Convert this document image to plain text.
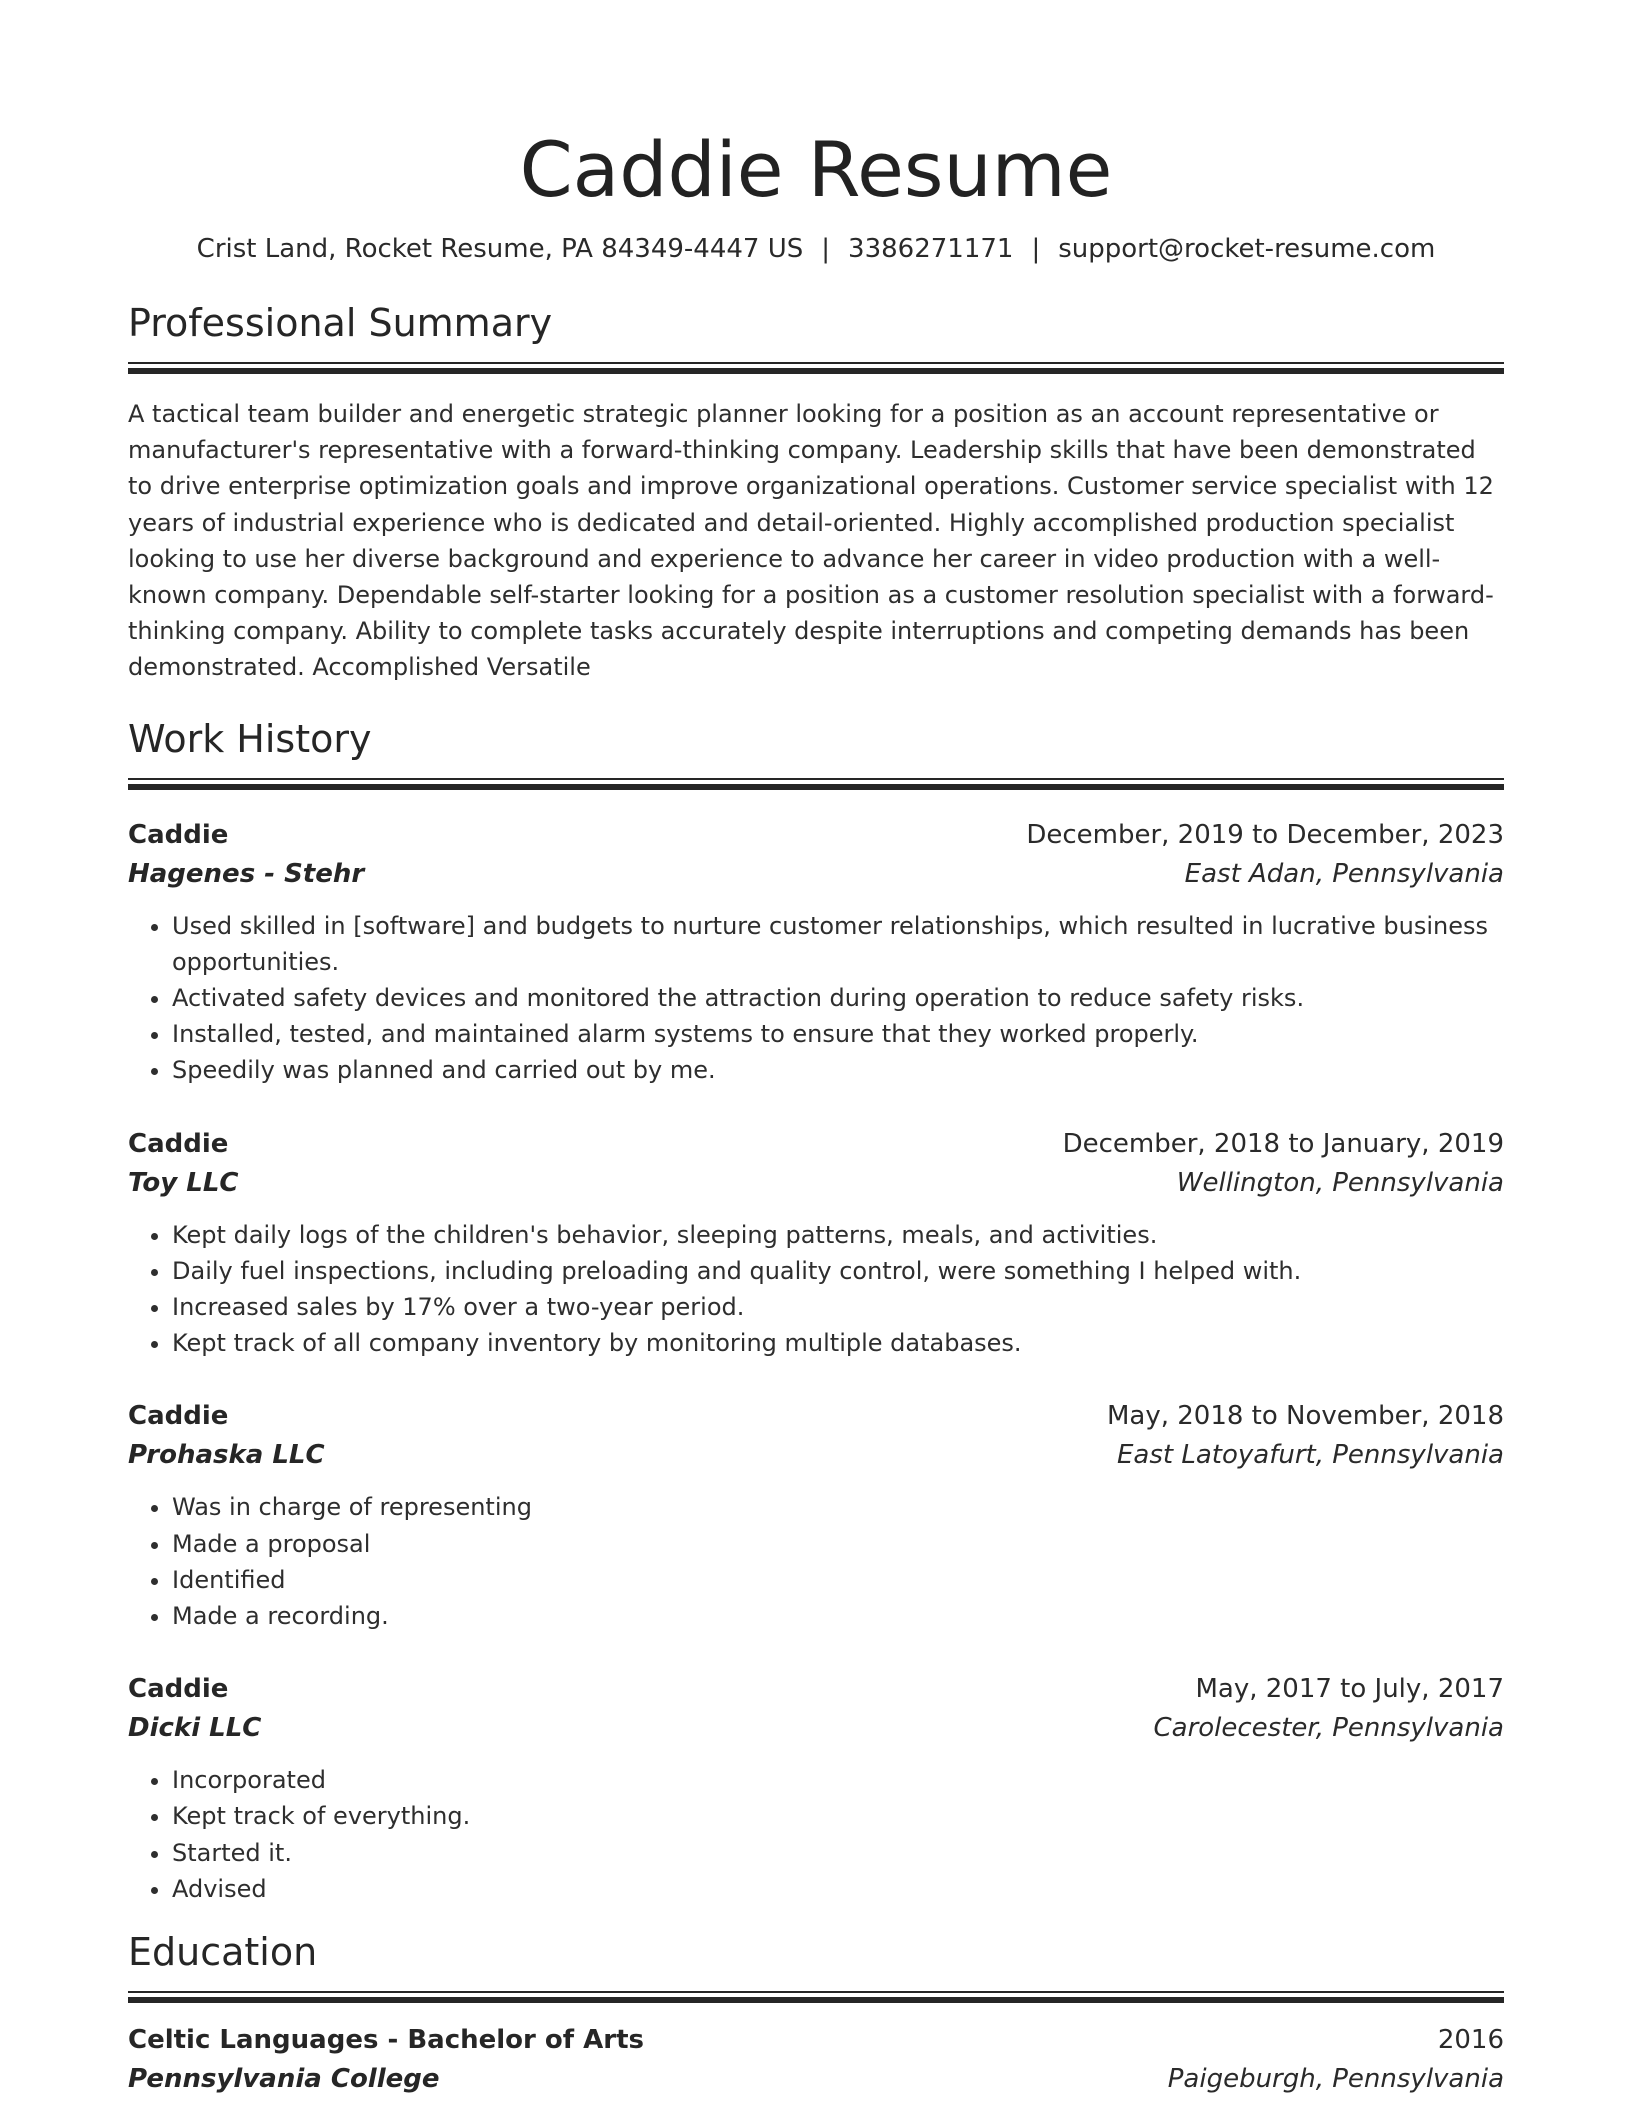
Caddie Resume
Crist Land, Rocket Resume, PA 84349-4447 US | 3386271171 | support@rocket-resume.com
Professional Summary

A tactical team builder and energetic strategic planner looking for a position as an account representative or manufacturer's representative with a forward-thinking company. Leadership skills that have been demonstrated to drive enterprise optimization goals and improve organizational operations. Customer service specialist with 12 years of industrial experience who is dedicated and detail-oriented. Highly accomplished production specialist looking to use her diverse background and experience to advance her career in video production with a well-known company. Dependable self-starter looking for a position as a customer resolution specialist with a forward-thinking company. Ability to complete tasks accurately despite interruptions and competing demands has been demonstrated. Accomplished Versatile

Work History
Caddie	December, 2019 to December, 2023
Hagenes - Stehr	East Adan, Pennsylvania
• Used skilled in [software] and budgets to nurture customer relationships, which resulted in lucrative business opportunities.
• Activated safety devices and monitored the attraction during operation to reduce safety risks.
• Installed, tested, and maintained alarm systems to ensure that they worked properly.
• Speedily was planned and carried out by me.
Caddie	December, 2018 to January, 2019
Toy LLC	Wellington, Pennsylvania
• Kept daily logs of the children's behavior, sleeping patterns, meals, and activities.
• Daily fuel inspections, including preloading and quality control, were something I helped with.
• Increased sales by 17% over a two-year period.
• Kept track of all company inventory by monitoring multiple databases.
Caddie	May, 2018 to November, 2018
Prohaska LLC	East Latoyafurt, Pennsylvania
• Was in charge of representing
• Made a proposal
• Identified
• Made a recording.
Caddie	May, 2017 to July, 2017
Dicki LLC	Carolecester, Pennsylvania
• Incorporated
• Kept track of everything.
• Started it.
• Advised
Education
Celtic Languages - Bachelor of Arts	2016
Pennsylvania College	Paigeburgh, Pennsylvania
